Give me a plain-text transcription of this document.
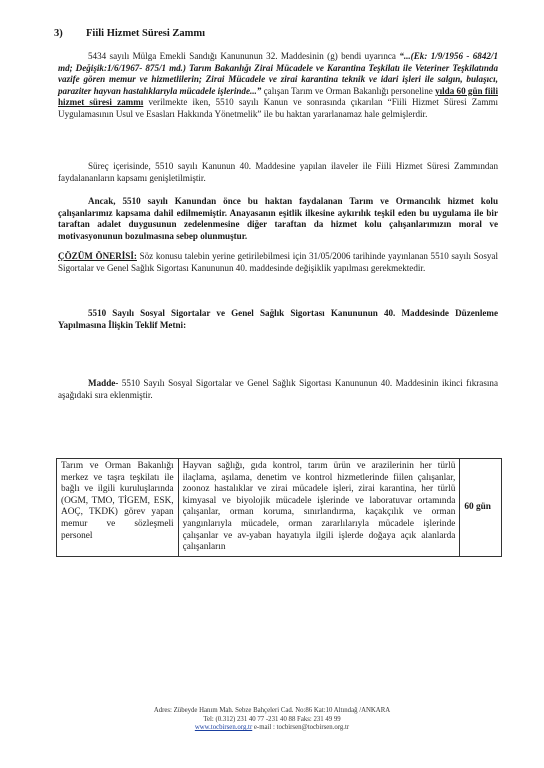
3) Fiili Hizmet Süresi Zammı

5434 sayılı Mülga Emekli Sandığı Kanununun 32. Maddesinin (g) bendi uyarınca “...(Ek: 1/9/1956 - 6842/1 md; Değişik:1/6/1967- 875/1 md.) Tarım Bakanlığı Zirai Mücadele ve Karantina Teşkilatı ile Veteriner Teşkilatında vazife gören memur ve hizmetlilerin; Zirai Mücadele ve zirai karantina teknik ve idari işleri ile salgın, bulaşıcı, paraziter hayvan hastalıklarıyla mücadele işlerinde...” çalışan Tarım ve Orman Bakanlığı personeline yılda 60 gün fiili hizmet süresi zammı verilmekte iken, 5510 sayılı Kanun ve sonrasında çıkarılan “Fiili Hizmet Süresi Zammı Uygulamasının Usul ve Esasları Hakkında Yönetmelik” ile bu haktan yararlanamaz hale gelmişlerdir.

Süreç içerisinde, 5510 sayılı Kanunun 40. Maddesine yapılan ilaveler ile Fiili Hizmet Süresi Zammından faydalananların kapsamı genişletilmiştir.

Ancak, 5510 sayılı Kanundan önce bu haktan faydalanan Tarım ve Ormancılık hizmet kolu çalışanlarımız kapsama dahil edilmemiştir. Anayasanın eşitlik ilkesine aykırılık teşkil eden bu uygulama ile bir taraftan adalet duygusunun zedelenmesine diğer taraftan da hizmet kolu çalışanlarımızın moral ve motivasyonunun bozulmasına sebep olunmuştur.

ÇÖZÜM ÖNERİSİ: Söz konusu talebin yerine getirilebilmesi için 31/05/2006 tarihinde yayınlanan 5510 sayılı Sosyal Sigortalar ve Genel Sağlık Sigortası Kanununun 40. maddesinde değişiklik yapılması gerekmektedir.

5510 Sayılı Sosyal Sigortalar ve Genel Sağlık Sigortası Kanununun 40. Maddesinde Düzenleme Yapılmasına İlişkin Teklif Metni:

Madde- 5510 Sayılı Sosyal Sigortalar ve Genel Sağlık Sigortası Kanununun 40. Maddesinin ikinci fıkrasına aşağıdaki sıra eklenmiştir.

Tarım ve Orman Bakanlığı merkez ve taşra teşkilatı ile bağlı ve ilgili kuruluşlarında (OGM, TMO, TİGEM, ESK, AOÇ, TKDK) görev yapan memur ve sözleşmeli personel	Hayvan sağlığı, gıda kontrol, tarım ürün ve arazilerinin her türlü ilaçlama, aşılama, denetim ve kontrol hizmetlerinde fiilen çalışanlar, zoonoz hastalıklar ve zirai mücadele işleri, zirai karantina, her türlü kimyasal ve biyolojik mücadele işlerinde ve laboratuvar ortamında çalışanlar, orman koruma, sınırlandırma, kaçakçılık ve orman yangınlarıyla mücadele, orman zararlılarıyla mücadele işlerinde çalışanlar ve av-yaban hayatıyla ilgili işlerde doğaya açık alanlarda çalışanların	60 gün
Adres: Zübeyde Hanım Mah. Sebze Bahçeleri Cad. No:86 Kat:10 Altındağ /ANKARA
Tel: (0.312) 231 40 77 -231 40 88 Faks: 231 49 99
www.tocbirsen.org.tr e-mail : tocbirsen@tocbirsen.org.tr
